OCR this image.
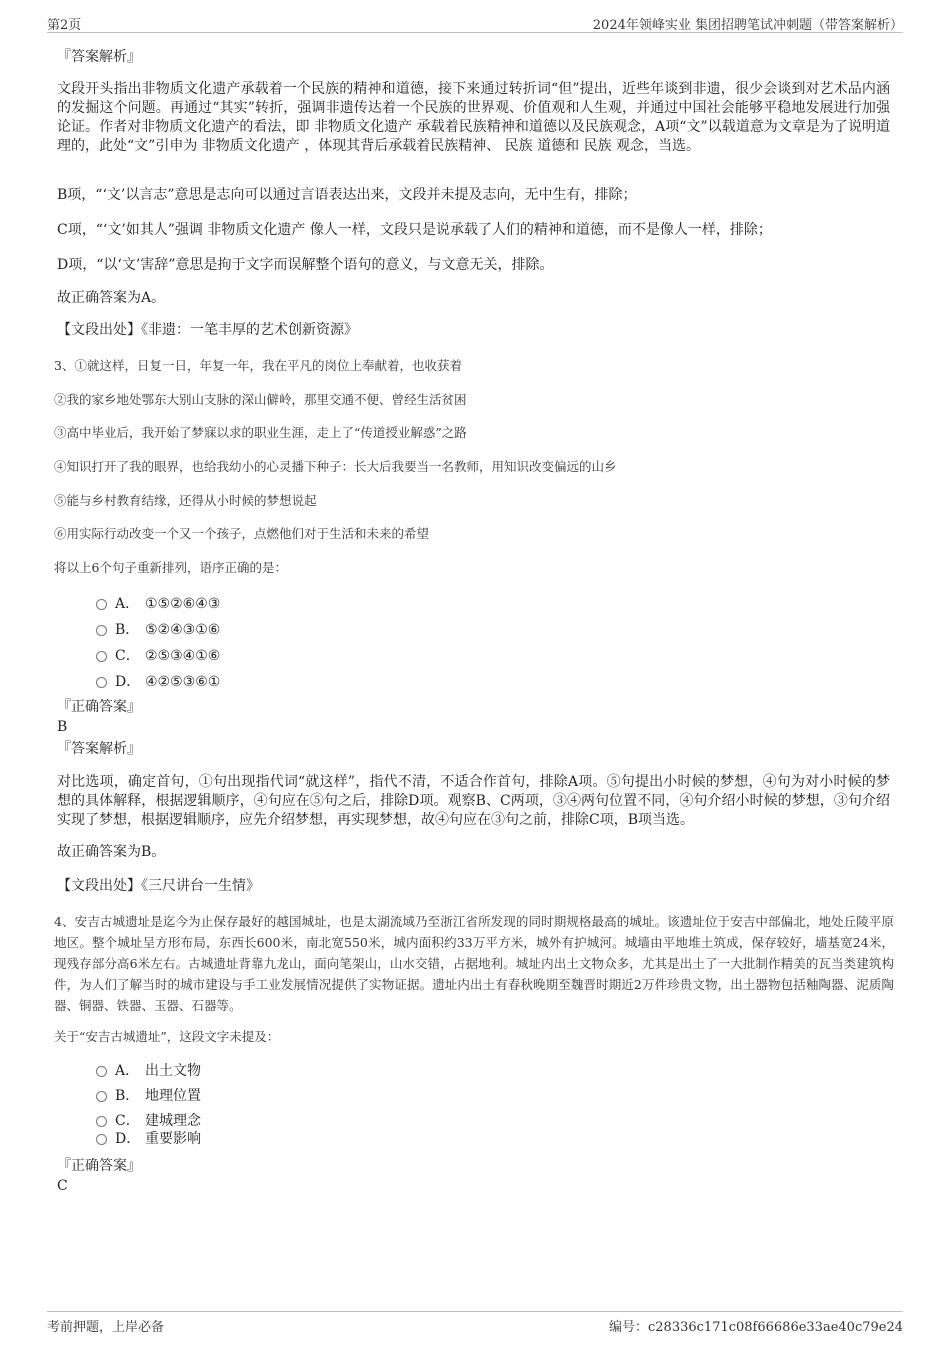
第2页	2024年领峰实业 集团招聘笔试冲刺题（带答案解析）
『答案解析』
文段开头指出非物质文化遗产承载着一个民族的精神和道德，接下来通过转折词“但”提出，近些年谈到非遗，很少会谈到对艺术品内涵的发掘这个问题。再通过“其实”转折，强调非遗传达着一个民族的世界观、价值观和人生观，并通过中国社会能够平稳地发展进行加强论证。作者对非物质文化遗产的看法，即 非物质文化遗产 承载着民族精神和道德以及民族观念，A项“文”以载道意为文章是为了说明道理的，此处“文”引申为 非物质文化遗产 ，体现其背后承载着民族精神、 民族 道德和 民族 观念，当选。
B项，“‘文’以言志”意思是志向可以通过言语表达出来，文段并未提及志向，无中生有，排除；
C项，“‘文’如其人”强调 非物质文化遗产 像人一样，文段只是说承载了人们的精神和道德，而不是像人一样，排除；
D项，“以‘文’害辞”意思是拘于文字而误解整个语句的意义，与文意无关，排除。
故正确答案为A。
【文段出处】《非遗：一笔丰厚的艺术创新资源》
3、①就这样，日复一日，年复一年，我在平凡的岗位上奉献着，也收获着
②我的家乡地处鄂东大别山支脉的深山僻岭，那里交通不便、曾经生活贫困
③高中毕业后，我开始了梦寐以求的职业生涯，走上了“传道授业解惑”之路
④知识打开了我的眼界，也给我幼小的心灵播下种子：长大后我要当一名教师，用知识改变偏远的山乡
⑤能与乡村教育结缘，还得从小时候的梦想说起
⑥用实际行动改变一个又一个孩子，点燃他们对于生活和未来的希望
将以上6个句子重新排列，语序正确的是：
A． ①⑤②⑥④③
B． ⑤②④③①⑥
C． ②⑤③④①⑥
D． ④②⑤③⑥①
『正确答案』
B
『答案解析』
对比选项，确定首句，①句出现指代词“就这样”，指代不清，不适合作首句，排除A项。⑤句提出小时候的梦想，④句为对小时候的梦想的具体解释，根据逻辑顺序，④句应在⑤句之后，排除D项。观察B、C两项，③④两句位置不同，④句介绍小时候的梦想，③句介绍实现了梦想，根据逻辑顺序，应先介绍梦想，再实现梦想，故④句应在③句之前，排除C项，B项当选。
故正确答案为B。
【文段出处】《三尺讲台一生情》
4、安吉古城遗址是迄今为止保存最好的越国城址，也是太湖流域乃至浙江省所发现的同时期规格最高的城址。该遗址位于安吉中部偏北，地处丘陵平原地区。整个城址呈方形布局，东西长600米，南北宽550米，城内面积约33万平方米，城外有护城河。城墙由平地堆土筑成，保存较好，墙基宽24米，现残存部分高6米左右。古城遗址背靠九龙山，面向笔架山，山水交错，占据地利。城址内出土文物众多，尤其是出土了一大批制作精美的瓦当类建筑构件，为人们了解当时的城市建设与手工业发展情况提供了实物证据。遗址内出土有春秋晚期至魏晋时期近2万件珍贵文物，出土器物包括釉陶器、泥质陶器、铜器、铁器、玉器、石器等。
关于“安吉古城遗址”，这段文字未提及：
A． 出土文物
B． 地理位置
C． 建城理念
D． 重要影响
『正确答案』
C
考前押题，上岸必备	编号：c28336c171c08f66686e33ae40c79e24
